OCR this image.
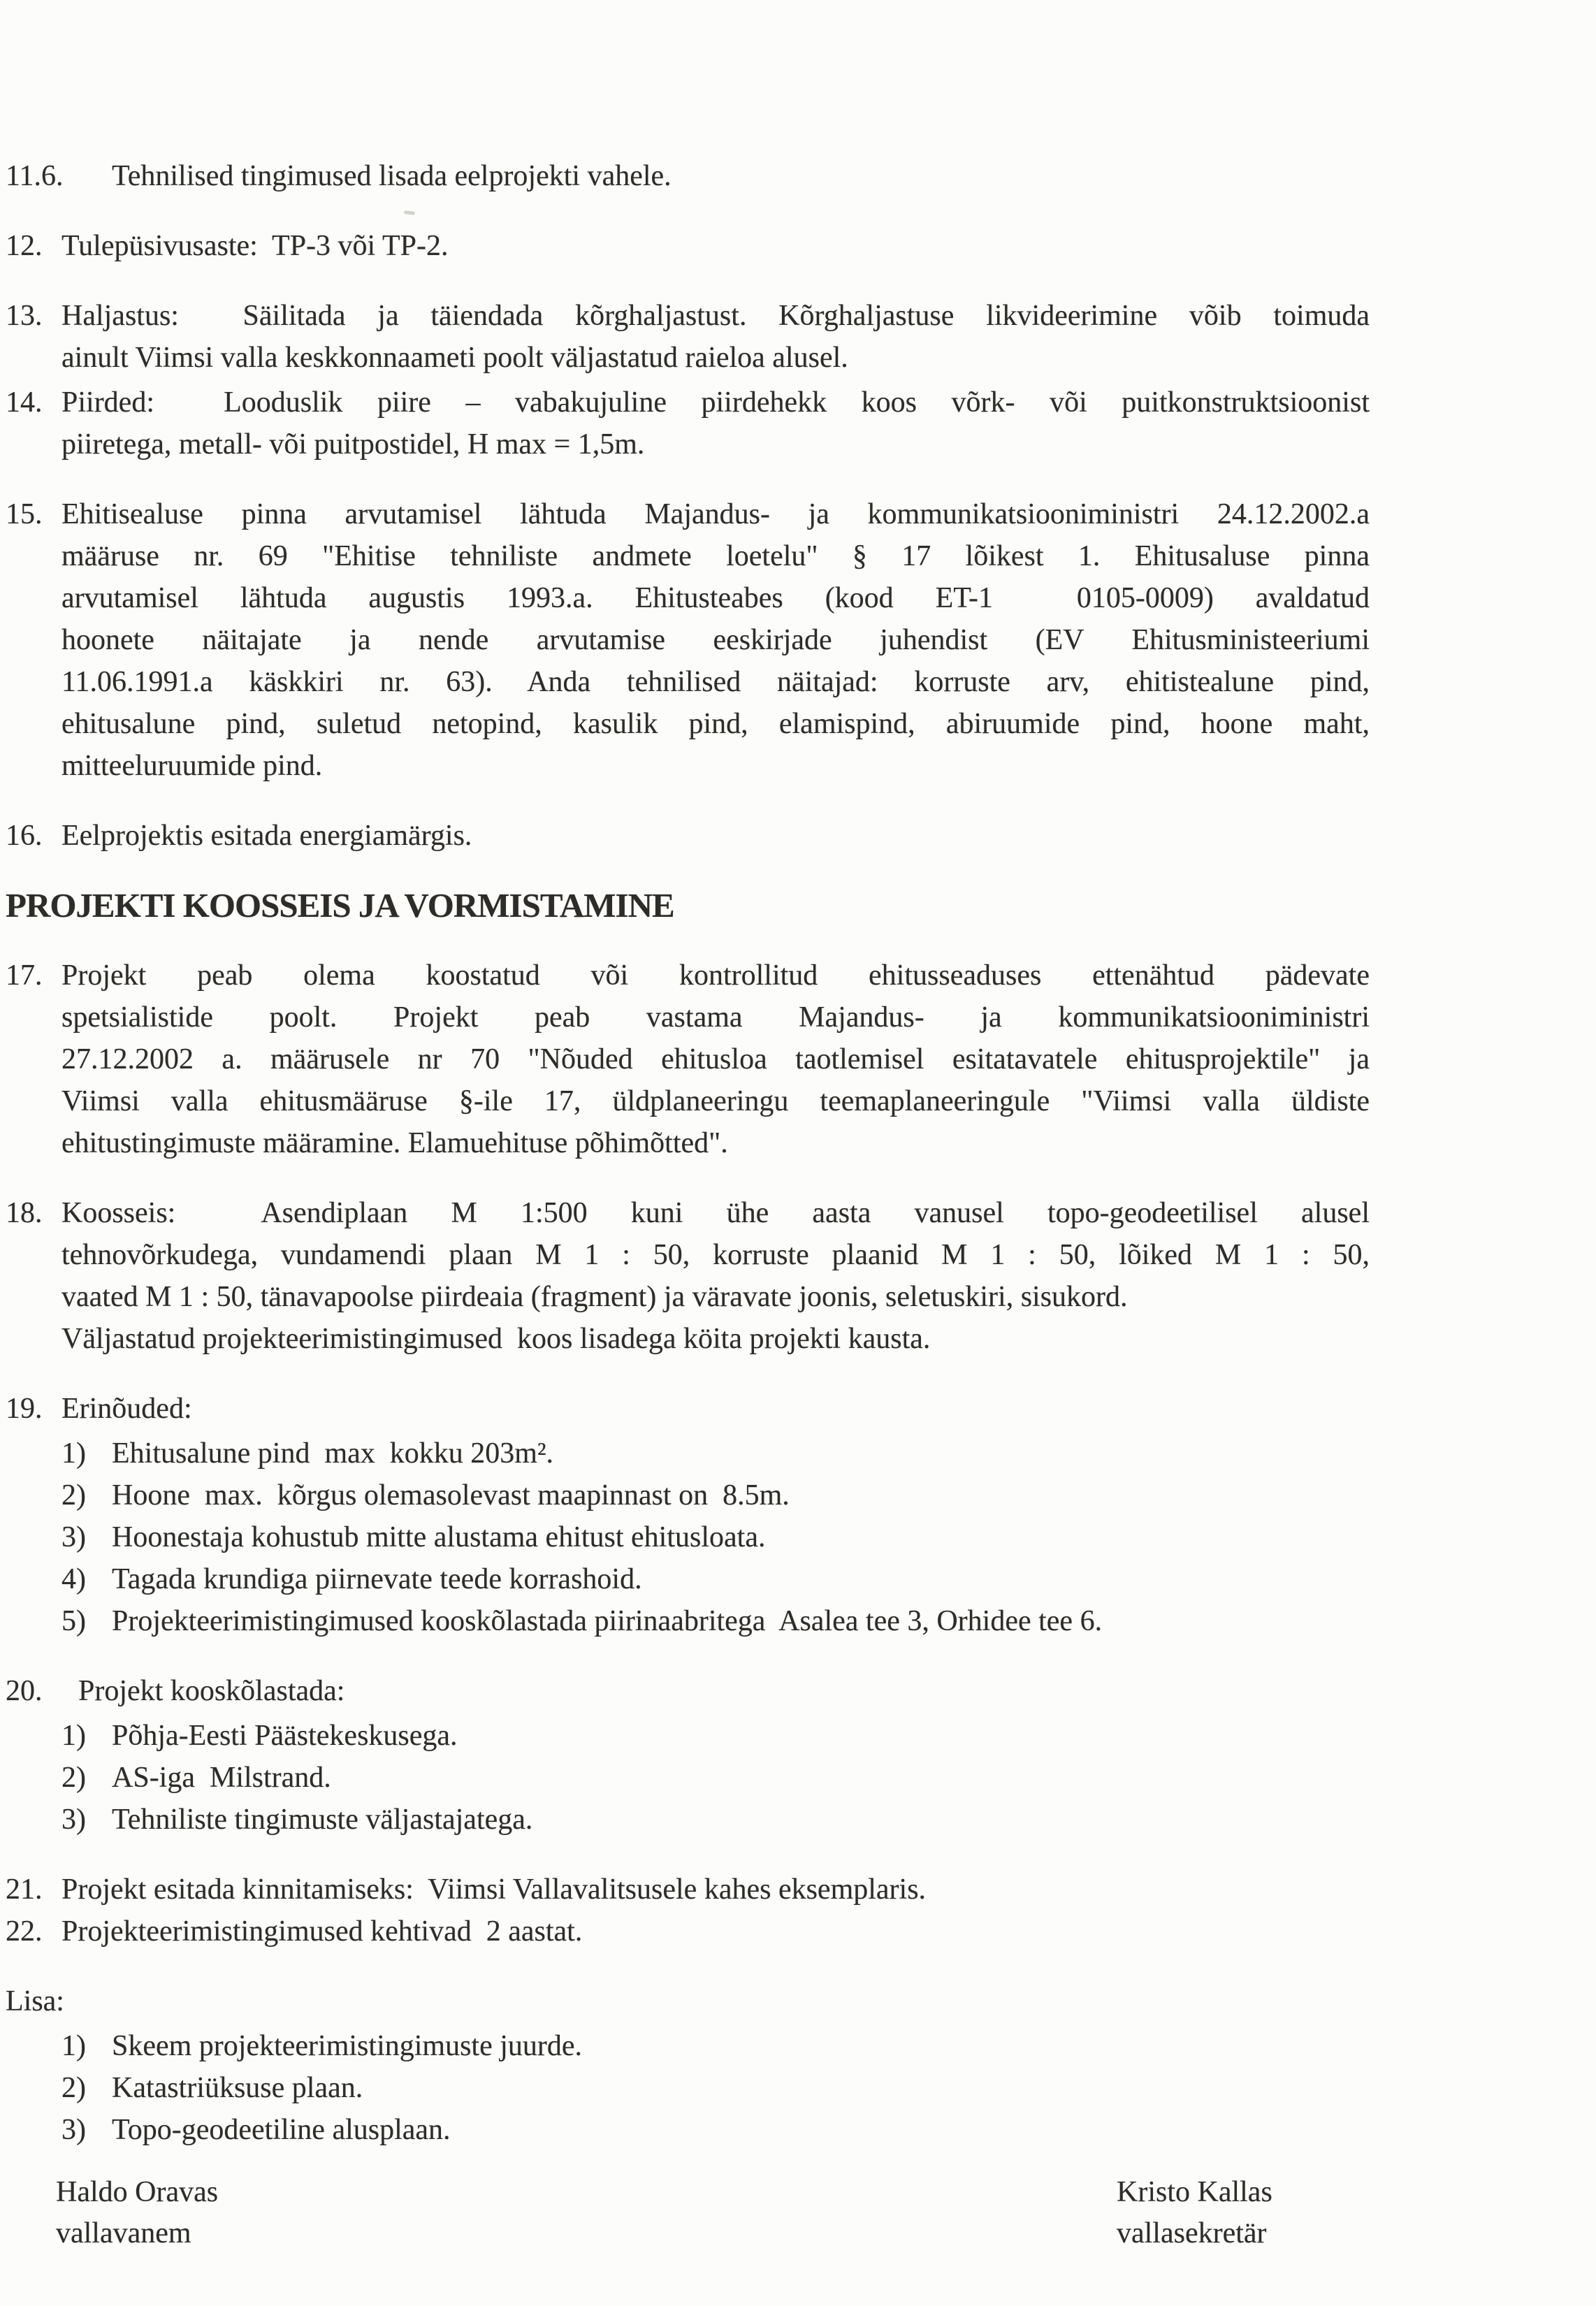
11.6. Tehnilised tingimused lisada eelprojekti vahele.
12. Tulepüsivusaste:  TP-3 või TP-2.
13. Haljastus:  Säilitada ja täiendada kõrghaljastust. Kõrghaljastuse likvideerimine võib toimuda
ainult Viimsi valla keskkonnaameti poolt väljastatud raieloa alusel.
14. Piirded:  Looduslik piire – vabakujuline piirdehekk koos võrk- või puitkonstruktsioonist
piiretega, metall- või puitpostidel, H max = 1,5m.
15. Ehitisealuse pinna arvutamisel lähtuda Majandus- ja kommunikatsiooniministri 24.12.2002.a
määruse nr. 69 "Ehitise tehniliste andmete loetelu" § 17 lõikest 1. Ehitusaluse pinna
arvutamisel lähtuda augustis 1993.a. Ehitusteabes (kood ET-1  0105-0009) avaldatud
hoonete näitajate ja nende arvutamise eeskirjade juhendist (EV Ehitusministeeriumi
11.06.1991.a käskkiri nr. 63). Anda tehnilised näitajad: korruste arv, ehitistealune pind,
ehitusalune pind, suletud netopind, kasulik pind, elamispind, abiruumide pind, hoone maht,
mitteeluruumide pind.
16. Eelprojektis esitada energiamärgis.
PROJEKTI KOOSSEIS JA VORMISTAMINE
17. Projekt peab olema koostatud või kontrollitud ehitusseaduses ettenähtud pädevate
spetsialistide poolt. Projekt peab vastama Majandus- ja kommunikatsiooniministri
27.12.2002 a. määrusele nr 70 "Nõuded ehitusloa taotlemisel esitatavatele ehitusprojektile" ja
Viimsi valla ehitusmääruse §-ile 17, üldplaneeringu teemaplaneeringule "Viimsi valla üldiste
ehitustingimuste määramine. Elamuehituse põhimõtted".
18. Koosseis:  Asendiplaan M 1:500 kuni ühe aasta vanusel topo-geodeetilisel alusel
tehnovõrkudega, vundamendi plaan M 1 : 50, korruste plaanid M 1 : 50, lõiked M 1 : 50,
vaated M 1 : 50, tänavapoolse piirdeaia (fragment) ja väravate joonis, seletuskiri, sisukord.
Väljastatud projekteerimistingimused  koos lisadega köita projekti kausta.
19. Erinõuded:
1) Ehitusalune pind  max  kokku 203m².
2) Hoone  max.  kõrgus olemasolevast maapinnast on  8.5m.
3) Hoonestaja kohustub mitte alustama ehitust ehitusloata.
4) Tagada krundiga piirnevate teede korrashoid.
5) Projekteerimistingimused kooskõlastada piirinaabritega  Asalea tee 3, Orhidee tee 6.
20. Projekt kooskõlastada:
1) Põhja-Eesti Päästekeskusega.
2) AS-iga  Milstrand.
3) Tehniliste tingimuste väljastajatega.
21. Projekt esitada kinnitamiseks:  Viimsi Vallavalitsusele kahes eksemplaris.
22. Projekteerimistingimused kehtivad  2 aastat.
Lisa:
1) Skeem projekteerimistingimuste juurde.
2) Katastriüksuse plaan.
3) Topo-geodeetiline alusplaan.
Haldo Oravas
vallavanem
Kristo Kallas
vallasekretär
